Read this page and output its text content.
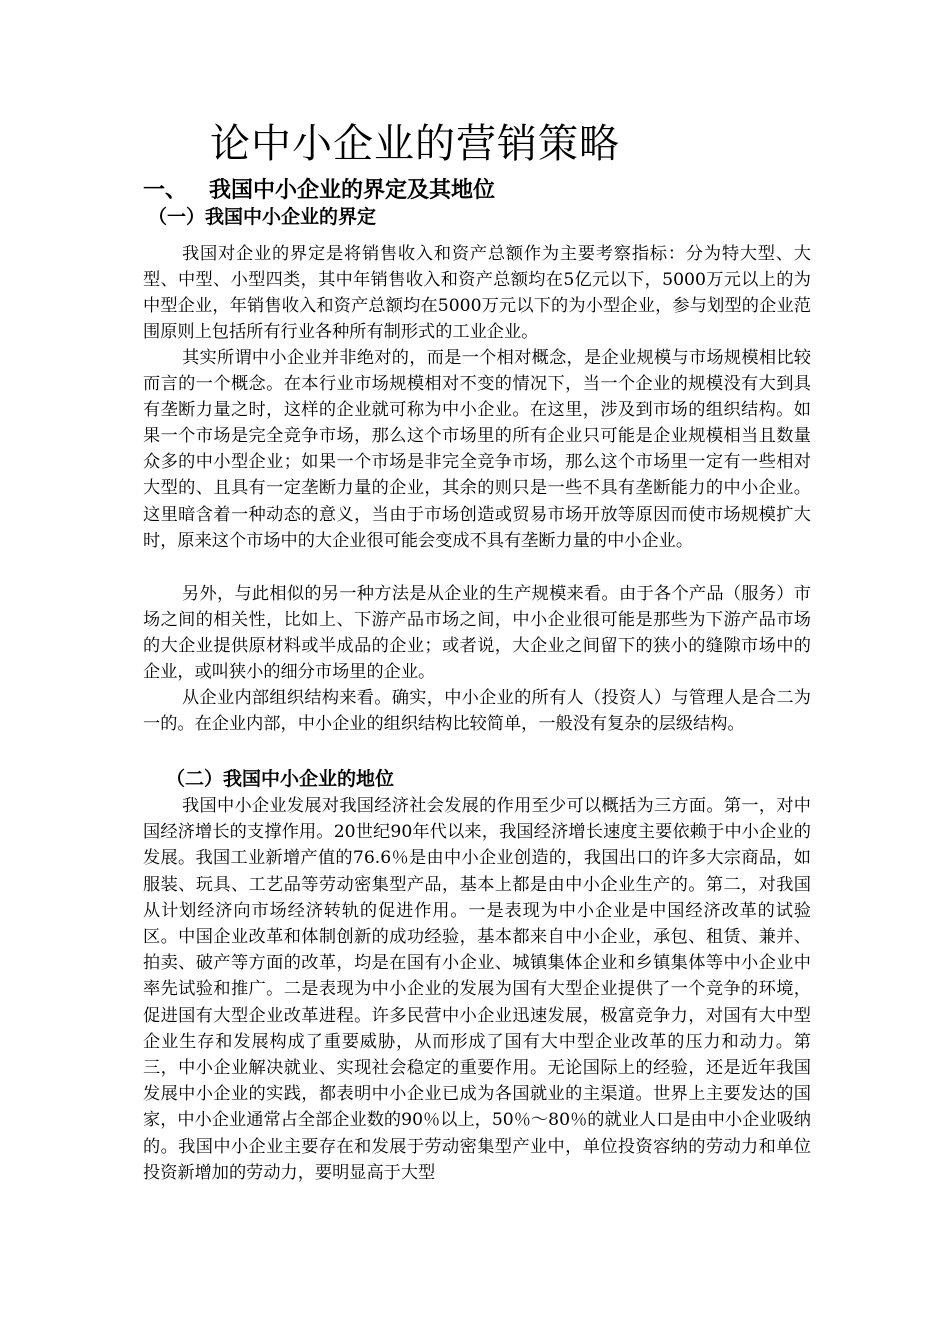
论中小企业的营销策略
一、 我国中小企业的界定及其地位
（一）我国中小企业的界定

我国对企业的界定是将销售收入和资产总额作为主要考察指标：分为特大型、大型、中型、小型四类，其中年销售收入和资产总额均在5亿元以下，5000万元以上的为中型企业，年销售收入和资产总额均在5000万元以下的为小型企业，参与划型的企业范围原则上包括所有行业各种所有制形式的工业企业。

其实所谓中小企业并非绝对的，而是一个相对概念，是企业规模与市场规模相比较而言的一个概念。在本行业市场规模相对不变的情况下，当一个企业的规模没有大到具有垄断力量之时，这样的企业就可称为中小企业。在这里，涉及到市场的组织结构。如果一个市场是完全竞争市场，那么这个市场里的所有企业只可能是企业规模相当且数量众多的中小型企业；如果一个市场是非完全竞争市场，那么这个市场里一定有一些相对大型的、且具有一定垄断力量的企业，其余的则只是一些不具有垄断能力的中小企业。这里暗含着一种动态的意义，当由于市场创造或贸易市场开放等原因而使市场规模扩大时，原来这个市场中的大企业很可能会变成不具有垄断力量的中小企业。

另外，与此相似的另一种方法是从企业的生产规模来看。由于各个产品（服务）市场之间的相关性，比如上、下游产品市场之间，中小企业很可能是那些为下游产品市场的大企业提供原材料或半成品的企业；或者说，大企业之间留下的狭小的缝隙市场中的企业，或叫狭小的细分市场里的企业。

从企业内部组织结构来看。确实，中小企业的所有人（投资人）与管理人是合二为一的。在企业内部，中小企业的组织结构比较简单，一般没有复杂的层级结构。

（二）我国中小企业的地位

我国中小企业发展对我国经济社会发展的作用至少可以概括为三方面。第一，对中国经济增长的支撑作用。20世纪90年代以来，我国经济增长速度主要依赖于中小企业的发展。我国工业新增产值的76.6％是由中小企业创造的，我国出口的许多大宗商品，如服装、玩具、工艺品等劳动密集型产品，基本上都是由中小企业生产的。第二，对我国从计划经济向市场经济转轨的促进作用。一是表现为中小企业是中国经济改革的试验区。中国企业改革和体制创新的成功经验，基本都来自中小企业，承包、租赁、兼并、拍卖、破产等方面的改革，均是在国有小企业、城镇集体企业和乡镇集体等中小企业中率先试验和推广。二是表现为中小企业的发展为国有大型企业提供了一个竞争的环境，促进国有大型企业改革进程。许多民营中小企业迅速发展，极富竞争力，对国有大中型企业生存和发展构成了重要威胁，从而形成了国有大中型企业改革的压力和动力。第三，中小企业解决就业、实现社会稳定的重要作用。无论国际上的经验，还是近年我国发展中小企业的实践，都表明中小企业已成为各国就业的主渠道。世界上主要发达的国家，中小企业通常占全部企业数的90％以上，50％～80％的就业人口是由中小企业吸纳的。我国中小企业主要存在和发展于劳动密集型产业中，单位投资容纳的劳动力和单位投资新增加的劳动力，要明显高于大型
